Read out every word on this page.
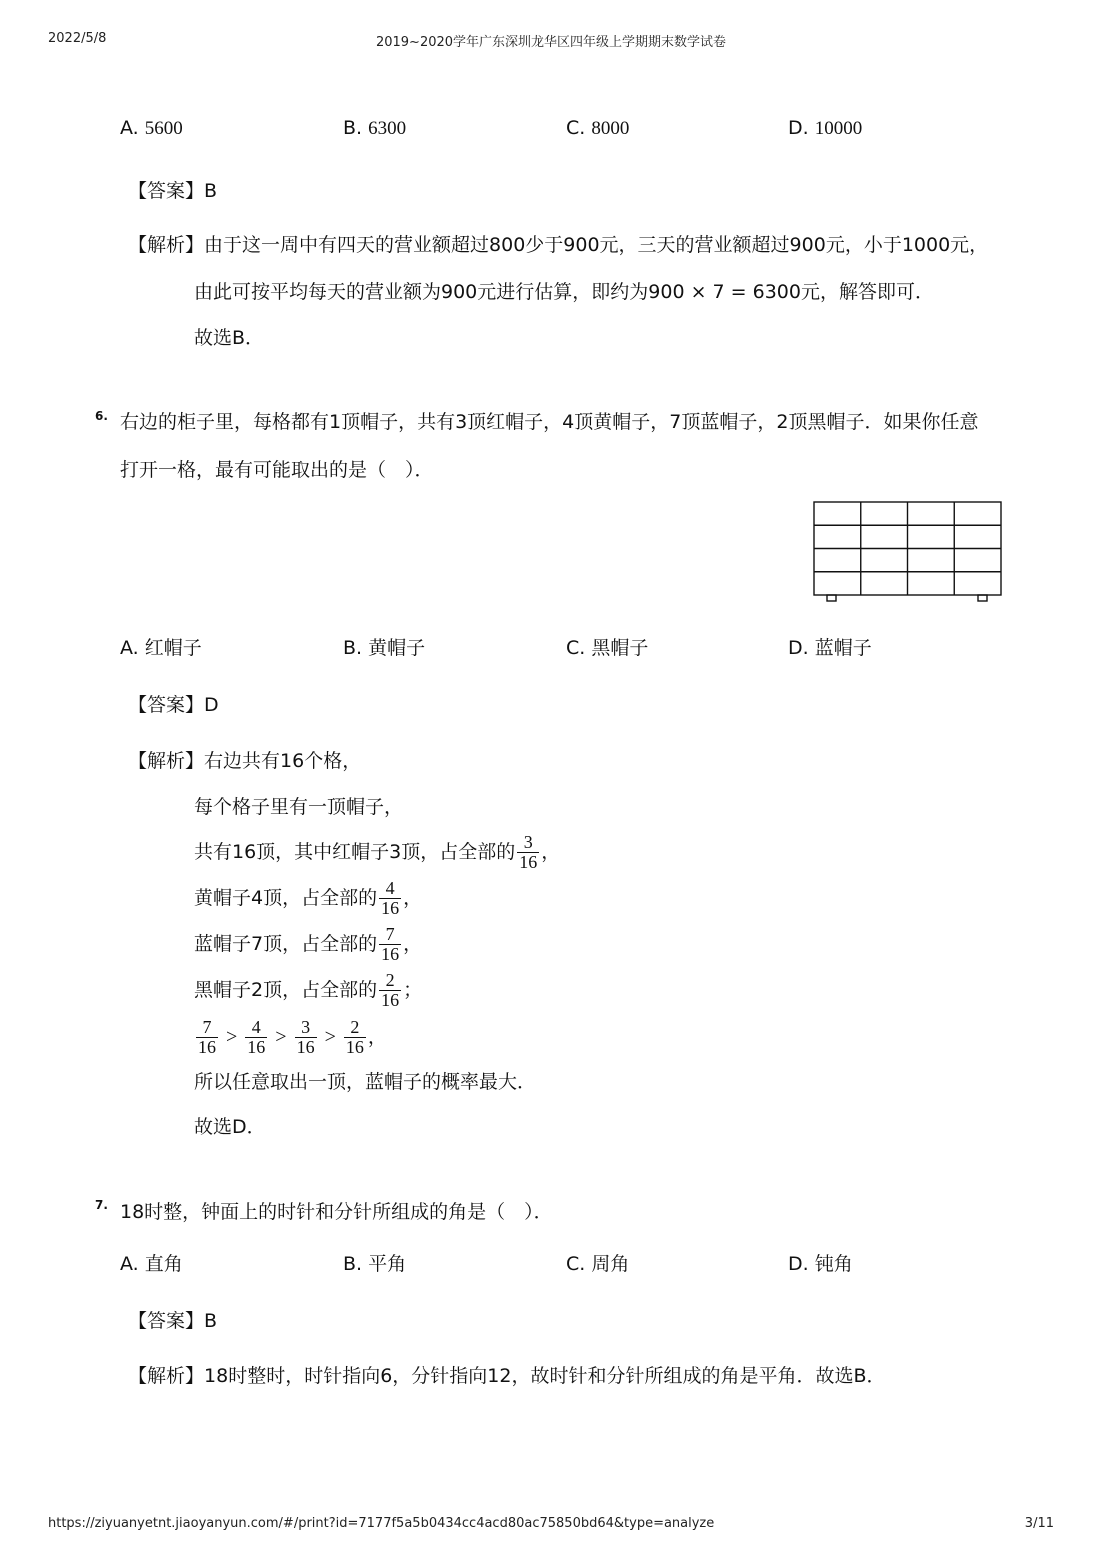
2022/5/8	2019~2020学年广东深圳龙华区四年级上学期期末数学试卷
A. 5600	B. 6300	C. 8000	D. 10000
【答案】B
【解析】由于这一周中有四天的营业额超过800少于900元，三天的营业额超过900元，小于1000元，
由此可按平均每天的营业额为900元进行估算，即约为900 × 7 = 6300元，解答即可．
故选B．
6. 右边的柜子里，每格都有1顶帽子，共有3顶红帽子，4顶黄帽子，7顶蓝帽子，2顶黑帽子．如果你任意
打开一格，最有可能取出的是（　）．
A. 红帽子	B. 黄帽子	C. 黑帽子	D. 蓝帽子
【答案】D
【解析】右边共有16个格，
每个格子里有一顶帽子，
共有16顶，其中红帽子3顶，占全部的 $\frac{3}{16}$ ，
黄帽子4顶，占全部的 $\frac{4}{16}$ ，
蓝帽子7顶，占全部的 $\frac{7}{16}$ ，
黑帽子2顶，占全部的 $\frac{2}{16}$ ；
$\frac{7}{16} > \frac{4}{16} > \frac{3}{16} > \frac{2}{16}$ ，
所以任意取出一顶，蓝帽子的概率最大．
故选D．
7. 18时整，钟面上的时针和分针所组成的角是（　）．
A. 直角	B. 平角	C. 周角	D. 钝角
【答案】B
【解析】18时整时，时针指向6，分针指向12，故时针和分针所组成的角是平角．故选B．
https://ziyuanyetnt.jiaoyanyun.com/#/print?id=7177f5a5b0434cc4acd80ac75850bd64&type=analyze	3/11
